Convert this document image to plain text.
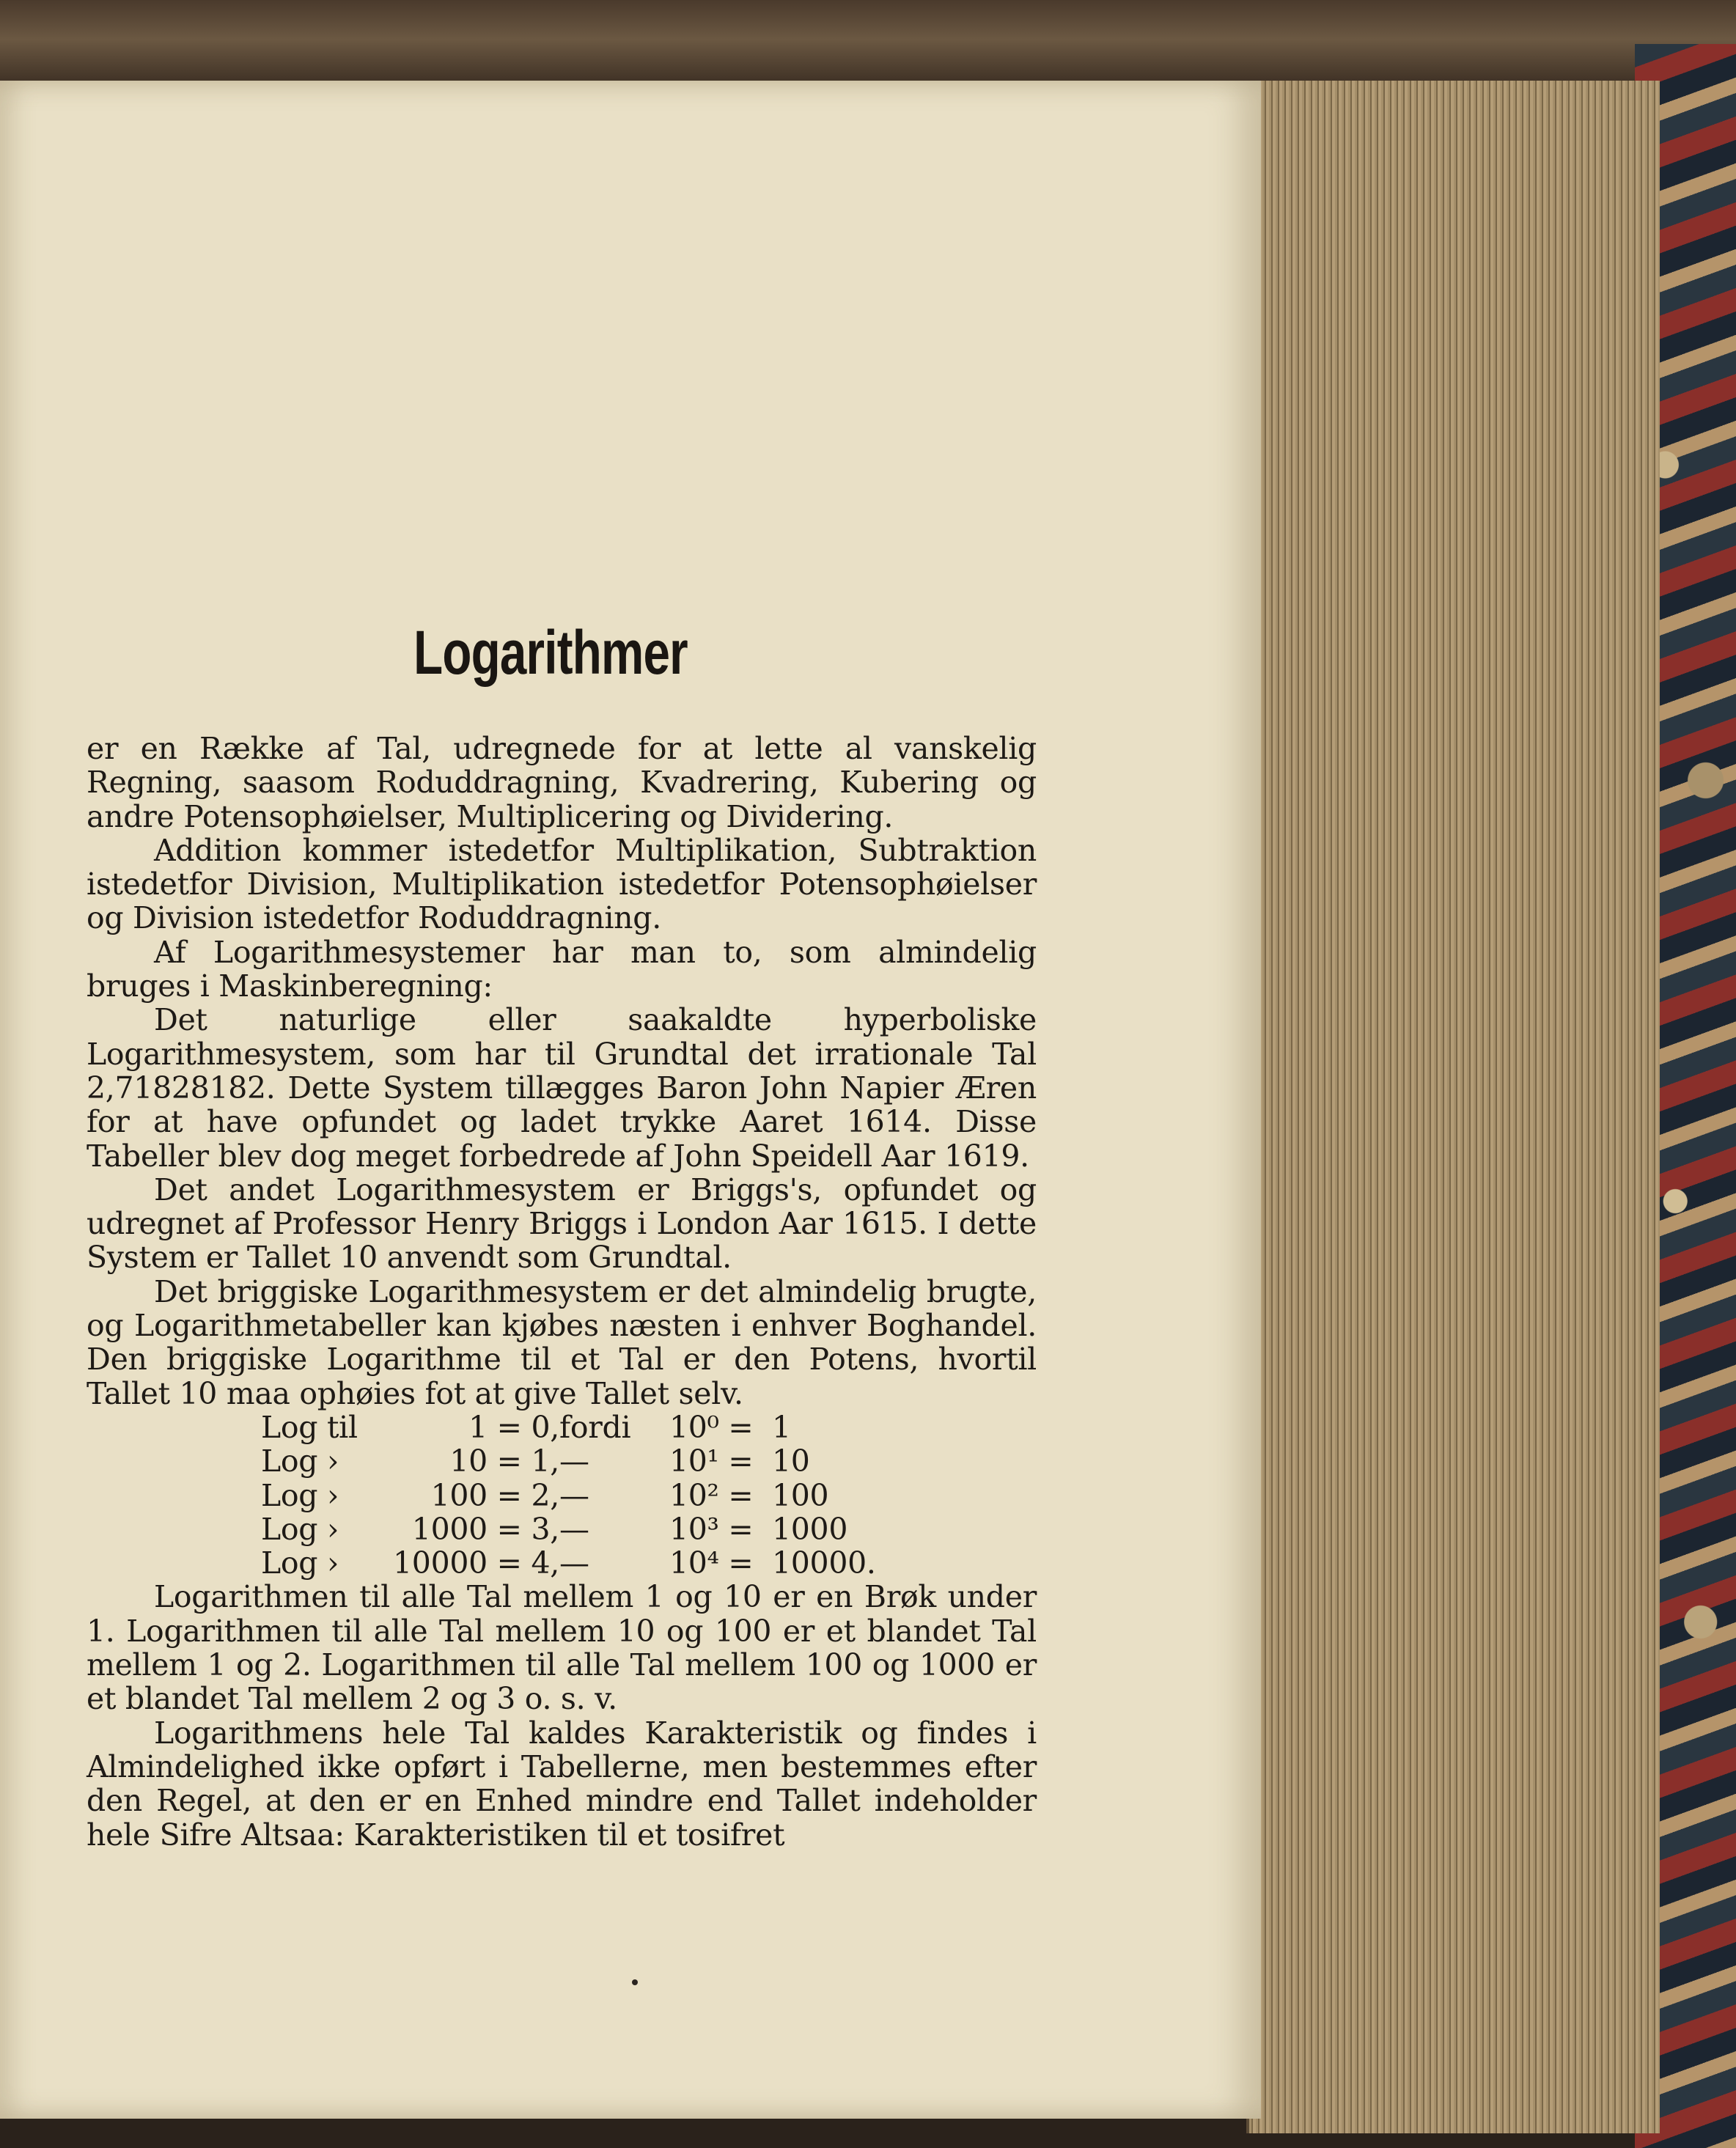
Logarithmer

er en Række af Tal, udregnede for at lette al vanskelig Regning, saasom Roduddragning, Kvadrering, Kubering og andre Potensophøielser, Multiplicering og Dividering.

Addition kommer istedetfor Multiplikation, Subtraktion istedetfor Division, Multiplikation istedetfor Potensophøielser og Division istedetfor Roduddragning.

Af Logarithmesystemer har man to, som almindelig bruges i Maskinberegning:

Det naturlige eller saakaldte hyperboliske Logarithmesystem, som har til Grundtal det irrationale Tal 2,71828182. Dette System tillægges Baron John Napier Æren for at have opfundet og ladet trykke Aaret 1614. Disse Tabeller blev dog meget forbedrede af John Speidell Aar 1619.

Det andet Logarithmesystem er Briggs's, opfundet og udregnet af Professor Henry Briggs i London Aar 1615. I dette System er Tallet 10 anvendt som Grundtal.

Det briggiske Logarithmesystem er det almindelig brugte, og Logarithmetabeller kan kjøbes næsten i enhver Boghandel. Den briggiske Logarithme til et Tal er den Potens, hvortil Tallet 10 maa ophøies fot at give Tallet selv.

Log	til	1 = 0,	fordi	10⁰ =	1
Log	›	10 = 1,	—	10¹ =	10
Log	›	100 = 2,	—	10² =	100
Log	›	1000 = 3,	—	10³ =	1000
Log	›	10000 = 4,	—	10⁴ =	10000.

Logarithmen til alle Tal mellem 1 og 10 er en Brøk under 1. Logarithmen til alle Tal mellem 10 og 100 er et blandet Tal mellem 1 og 2. Logarithmen til alle Tal mellem 100 og 1000 er et blandet Tal mellem 2 og 3 o. s. v.

Logarithmens hele Tal kaldes Karakteristik og findes i Almindelighed ikke opført i Tabellerne, men bestemmes efter den Regel, at den er en Enhed mindre end Tallet indeholder hele Sifre Altsaa: Karakteristiken til et tosifret
